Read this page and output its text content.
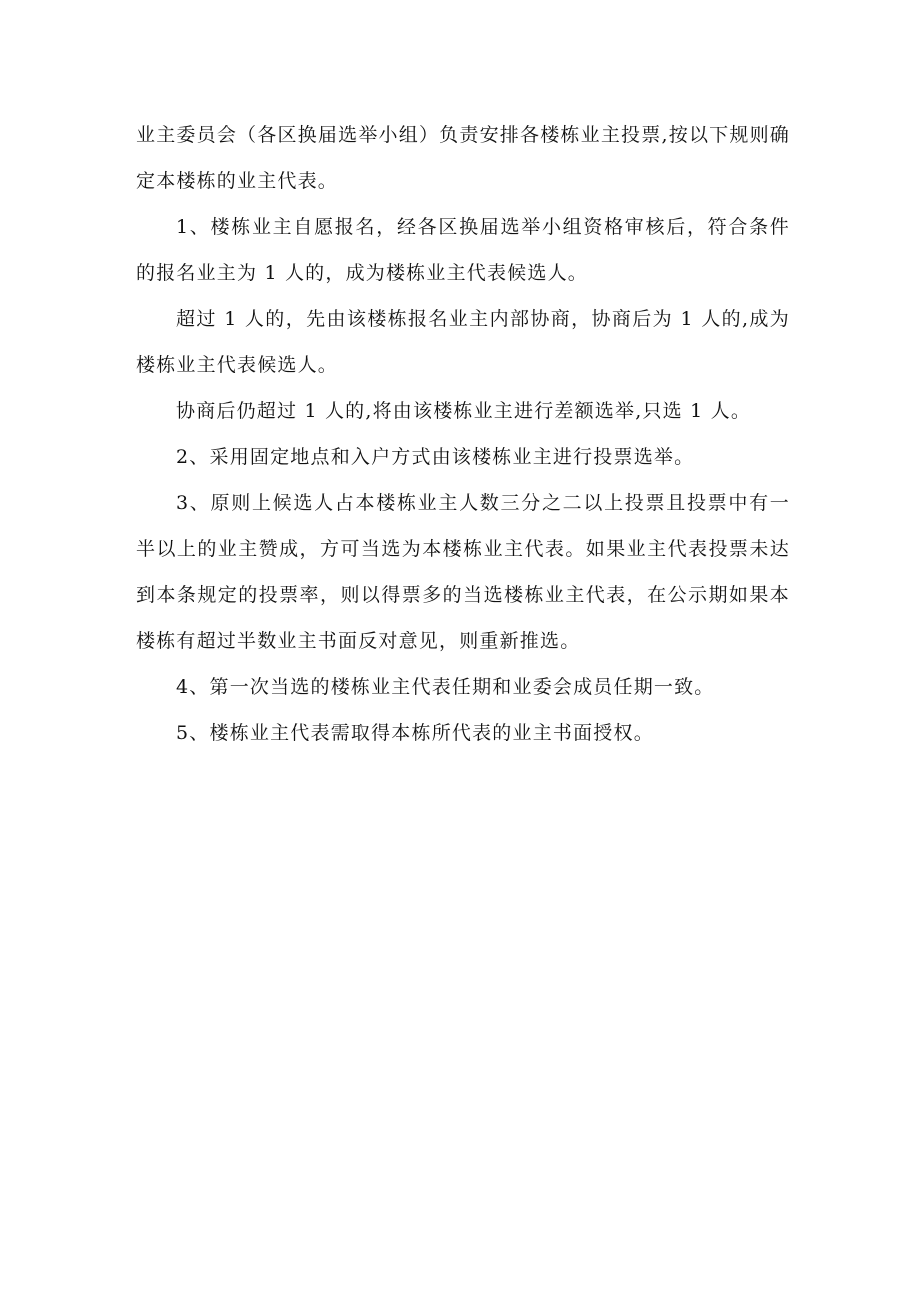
业主委员会（各区换届选举小组）负责安排各楼栋业主投票,按以下规则确定本楼栋的业主代表。

1、楼栋业主自愿报名，经各区换届选举小组资格审核后，符合条件的报名业主为 1 人的，成为楼栋业主代表候选人。

超过 1 人的，先由该楼栋报名业主内部协商，协商后为 1 人的,成为楼栋业主代表候选人。

协商后仍超过 1 人的,将由该楼栋业主进行差额选举,只选 1 人。

2、采用固定地点和入户方式由该楼栋业主进行投票选举。

3、原则上候选人占本楼栋业主人数三分之二以上投票且投票中有一半以上的业主赞成，方可当选为本楼栋业主代表。如果业主代表投票未达到本条规定的投票率，则以得票多的当选楼栋业主代表，在公示期如果本楼栋有超过半数业主书面反对意见，则重新推选。

4、第一次当选的楼栋业主代表任期和业委会成员任期一致。

5、楼栋业主代表需取得本栋所代表的业主书面授权。
